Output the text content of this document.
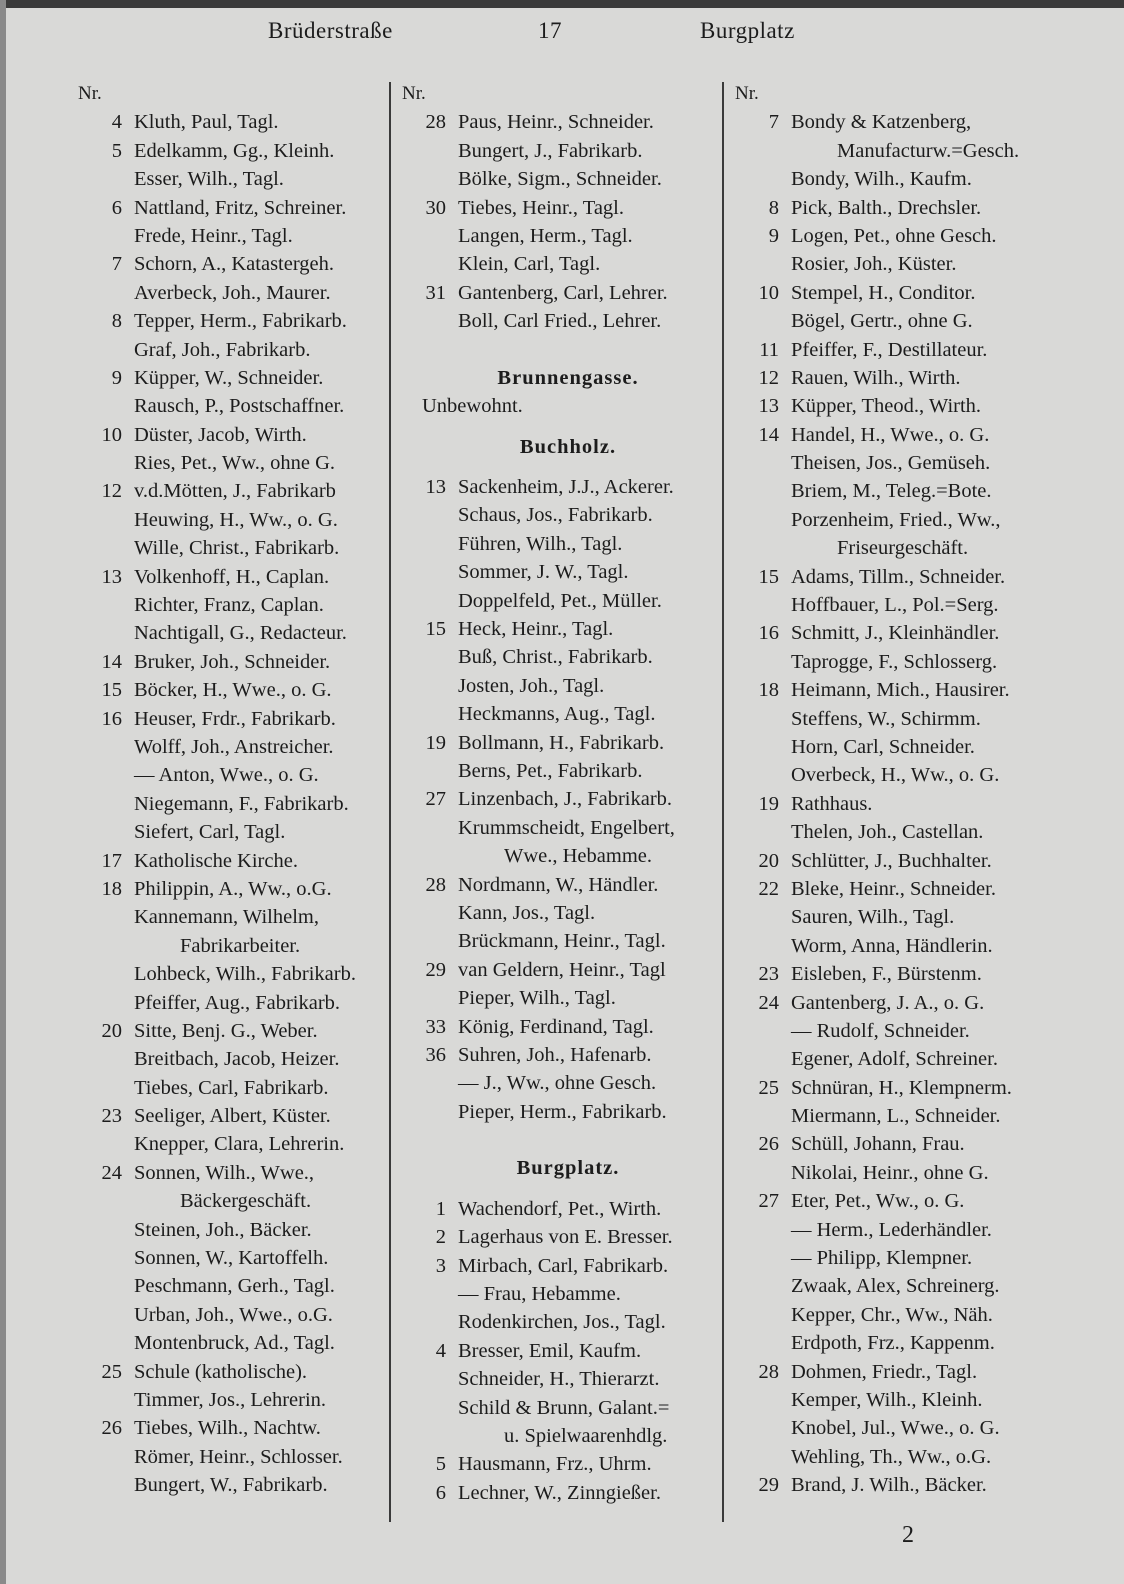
Brüderstraße	17	Burgplatz
Nr.
4 Kluth, Paul, Tagl.
5 Edelkamm, Gg., Kleinh.
Esser, Wilh., Tagl.
6 Nattland, Fritz, Schreiner.
Frede, Heinr., Tagl.
7 Schorn, A., Katastergeh.
Averbeck, Joh., Maurer.
8 Tepper, Herm., Fabrikarb.
Graf, Joh., Fabrikarb.
9 Küpper, W., Schneider.
Rausch, P., Postschaffner.
10 Düster, Jacob, Wirth.
Ries, Pet., Ww., ohne G.
12 v.d.Mötten, J., Fabrikarb
Heuwing, H., Ww., o. G.
Wille, Christ., Fabrikarb.
13 Volkenhoff, H., Caplan.
Richter, Franz, Caplan.
Nachtigall, G., Redacteur.
14 Bruker, Joh., Schneider.
15 Böcker, H., Wwe., o. G.
16 Heuser, Frdr., Fabrikarb.
Wolff, Joh., Anstreicher.
— Anton, Wwe., o. G.
Niegemann, F., Fabrikarb.
Siefert, Carl, Tagl.
17 Katholische Kirche.
18 Philippin, A., Ww., o.G.
Kannemann, Wilhelm,
Fabrikarbeiter.
Lohbeck, Wilh., Fabrikarb.
Pfeiffer, Aug., Fabrikarb.
20 Sitte, Benj. G., Weber.
Breitbach, Jacob, Heizer.
Tiebes, Carl, Fabrikarb.
23 Seeliger, Albert, Küster.
Knepper, Clara, Lehrerin.
24 Sonnen, Wilh., Wwe.,
Bäckergeschäft.
Steinen, Joh., Bäcker.
Sonnen, W., Kartoffelh.
Peschmann, Gerh., Tagl.
Urban, Joh., Wwe., o.G.
Montenbruck, Ad., Tagl.
25 Schule (katholische).
Timmer, Jos., Lehrerin.
26 Tiebes, Wilh., Nachtw.
Römer, Heinr., Schlosser.
Bungert, W., Fabrikarb.
Nr.
28 Paus, Heinr., Schneider.
Bungert, J., Fabrikarb.
Bölke, Sigm., Schneider.
30 Tiebes, Heinr., Tagl.
Langen, Herm., Tagl.
Klein, Carl, Tagl.
31 Gantenberg, Carl, Lehrer.
Boll, Carl Fried., Lehrer.
Brunnengasse.
Unbewohnt.
Buchholz.
13 Sackenheim, J.J., Ackerer.
Schaus, Jos., Fabrikarb.
Führen, Wilh., Tagl.
Sommer, J. W., Tagl.
Doppelfeld, Pet., Müller.
15 Heck, Heinr., Tagl.
Buß, Christ., Fabrikarb.
Josten, Joh., Tagl.
Heckmanns, Aug., Tagl.
19 Bollmann, H., Fabrikarb.
Berns, Pet., Fabrikarb.
27 Linzenbach, J., Fabrikarb.
Krummscheidt, Engelbert,
Wwe., Hebamme.
28 Nordmann, W., Händler.
Kann, Jos., Tagl.
Brückmann, Heinr., Tagl.
29 van Geldern, Heinr., Tagl
Pieper, Wilh., Tagl.
33 König, Ferdinand, Tagl.
36 Suhren, Joh., Hafenarb.
— J., Ww., ohne Gesch.
Pieper, Herm., Fabrikarb.
Burgplatz.
1 Wachendorf, Pet., Wirth.
2 Lagerhaus von E. Bresser.
3 Mirbach, Carl, Fabrikarb.
— Frau, Hebamme.
Rodenkirchen, Jos., Tagl.
4 Bresser, Emil, Kaufm.
Schneider, H., Thierarzt.
Schild & Brunn, Galant.=
u. Spielwaarenhdlg.
5 Hausmann, Frz., Uhrm.
6 Lechner, W., Zinngießer.
Nr.
7 Bondy & Katzenberg,
Manufacturw.=Gesch.
Bondy, Wilh., Kaufm.
8 Pick, Balth., Drechsler.
9 Logen, Pet., ohne Gesch.
Rosier, Joh., Küster.
10 Stempel, H., Conditor.
Bögel, Gertr., ohne G.
11 Pfeiffer, F., Destillateur.
12 Rauen, Wilh., Wirth.
13 Küpper, Theod., Wirth.
14 Handel, H., Wwe., o. G.
Theisen, Jos., Gemüseh.
Briem, M., Teleg.=Bote.
Porzenheim, Fried., Ww.,
Friseurgeschäft.
15 Adams, Tillm., Schneider.
Hoffbauer, L., Pol.=Serg.
16 Schmitt, J., Kleinhändler.
Taprogge, F., Schlosserg.
18 Heimann, Mich., Hausirer.
Steffens, W., Schirmm.
Horn, Carl, Schneider.
Overbeck, H., Ww., o. G.
19 Rathhaus.
Thelen, Joh., Castellan.
20 Schlütter, J., Buchhalter.
22 Bleke, Heinr., Schneider.
Sauren, Wilh., Tagl.
Worm, Anna, Händlerin.
23 Eisleben, F., Bürstenm.
24 Gantenberg, J. A., o. G.
— Rudolf, Schneider.
Egener, Adolf, Schreiner.
25 Schnüran, H., Klempnerm.
Miermann, L., Schneider.
26 Schüll, Johann, Frau.
Nikolai, Heinr., ohne G.
27 Eter, Pet., Ww., o. G.
— Herm., Lederhändler.
— Philipp, Klempner.
Zwaak, Alex, Schreinerg.
Kepper, Chr., Ww., Näh.
Erdpoth, Frz., Kappenm.
28 Dohmen, Friedr., Tagl.
Kemper, Wilh., Kleinh.
Knobel, Jul., Wwe., o. G.
Wehling, Th., Ww., o.G.
29 Brand, J. Wilh., Bäcker.
2
